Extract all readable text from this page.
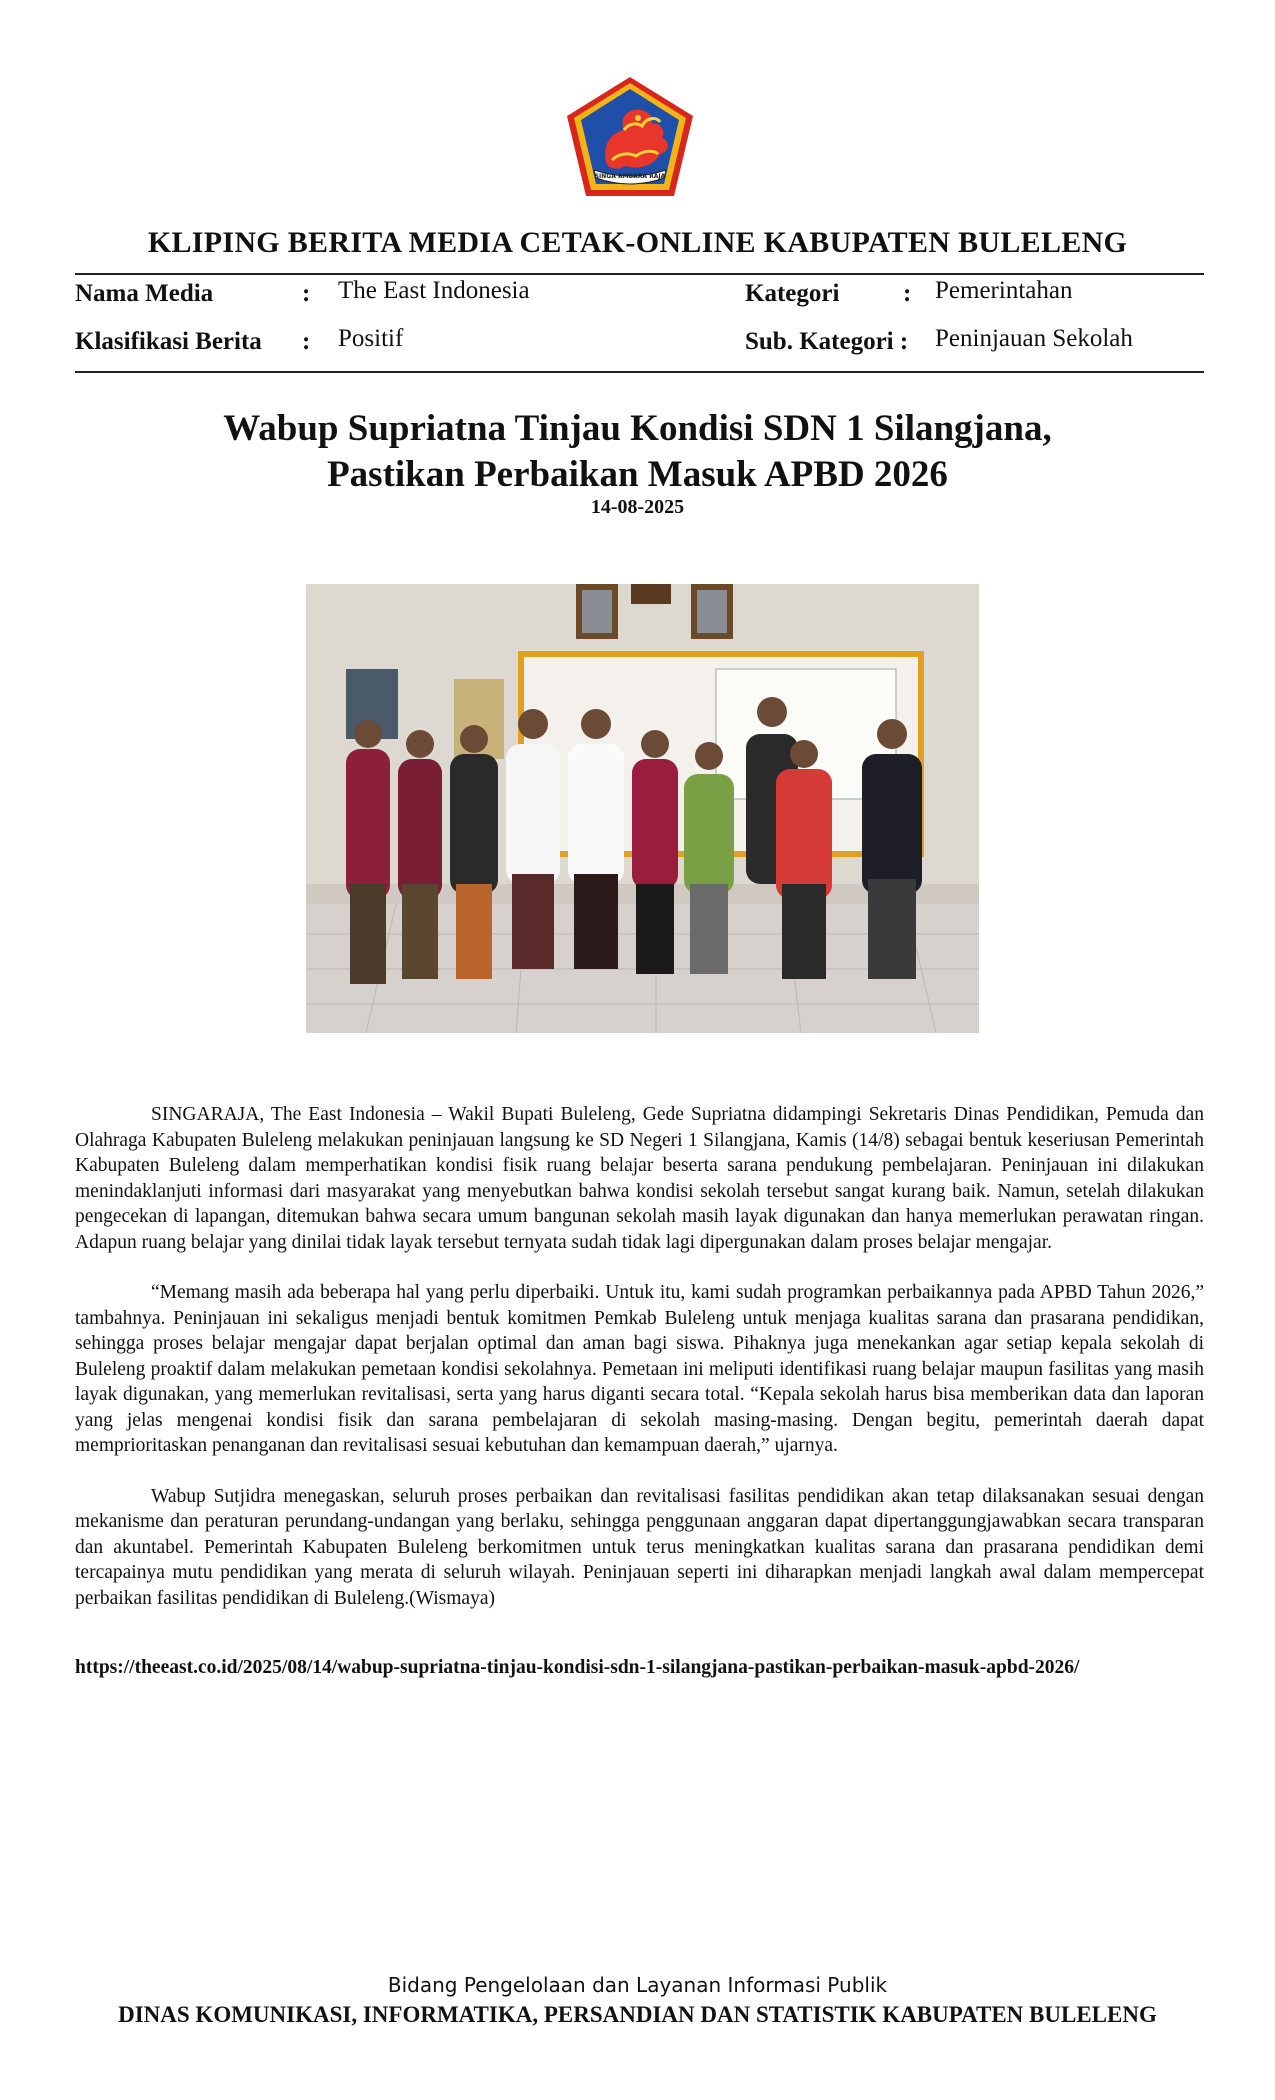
SINGA AMBARA RAJA
KLIPING BERITA MEDIA CETAK-ONLINE KABUPATEN BULELENG
Nama Media	: The East Indonesia	Kategori	: Pemerintahan
Klasifikasi Berita : Positif	Sub. Kategori : Peninjauan Sekolah
Wabup Supriatna Tinjau Kondisi SDN 1 Silangjana,
Pastikan Perbaikan Masuk APBD 2026
14-08-2025

SINGARAJA, The East Indonesia – Wakil Bupati Buleleng, Gede Supriatna didampingi Sekretaris Dinas Pendidikan, Pemuda dan Olahraga Kabupaten Buleleng melakukan peninjauan langsung ke SD Negeri 1 Silangjana, Kamis (14/8) sebagai bentuk keseriusan Pemerintah Kabupaten Buleleng dalam memperhatikan kondisi fisik ruang belajar beserta sarana pendukung pembelajaran. Peninjauan ini dilakukan menindaklanjuti informasi dari masyarakat yang menyebutkan bahwa kondisi sekolah tersebut sangat kurang baik. Namun, setelah dilakukan pengecekan di lapangan, ditemukan bahwa secara umum bangunan sekolah masih layak digunakan dan hanya memerlukan perawatan ringan. Adapun ruang belajar yang dinilai tidak layak tersebut ternyata sudah tidak lagi dipergunakan dalam proses belajar mengajar.

“Memang masih ada beberapa hal yang perlu diperbaiki. Untuk itu, kami sudah programkan perbaikannya pada APBD Tahun 2026,” tambahnya. Peninjauan ini sekaligus menjadi bentuk komitmen Pemkab Buleleng untuk menjaga kualitas sarana dan prasarana pendidikan, sehingga proses belajar mengajar dapat berjalan optimal dan aman bagi siswa. Pihaknya juga menekankan agar setiap kepala sekolah di Buleleng proaktif dalam melakukan pemetaan kondisi sekolahnya. Pemetaan ini meliputi identifikasi ruang belajar maupun fasilitas yang masih layak digunakan, yang memerlukan revitalisasi, serta yang harus diganti secara total. “Kepala sekolah harus bisa memberikan data dan laporan yang jelas mengenai kondisi fisik dan sarana pembelajaran di sekolah masing-masing. Dengan begitu, pemerintah daerah dapat memprioritaskan penanganan dan revitalisasi sesuai kebutuhan dan kemampuan daerah,” ujarnya.

Wabup Sutjidra menegaskan, seluruh proses perbaikan dan revitalisasi fasilitas pendidikan akan tetap dilaksanakan sesuai dengan mekanisme dan peraturan perundang-undangan yang berlaku, sehingga penggunaan anggaran dapat dipertanggungjawabkan secara transparan dan akuntabel. Pemerintah Kabupaten Buleleng berkomitmen untuk terus meningkatkan kualitas sarana dan prasarana pendidikan demi tercapainya mutu pendidikan yang merata di seluruh wilayah. Peninjauan seperti ini diharapkan menjadi langkah awal dalam mempercepat perbaikan fasilitas pendidikan di Buleleng.(Wismaya)

https://theeast.co.id/2025/08/14/wabup-supriatna-tinjau-kondisi-sdn-1-silangjana-pastikan-perbaikan-masuk-apbd-2026/
Bidang Pengelolaan dan Layanan Informasi Publik
DINAS KOMUNIKASI, INFORMATIKA, PERSANDIAN DAN STATISTIK KABUPATEN BULELENG
